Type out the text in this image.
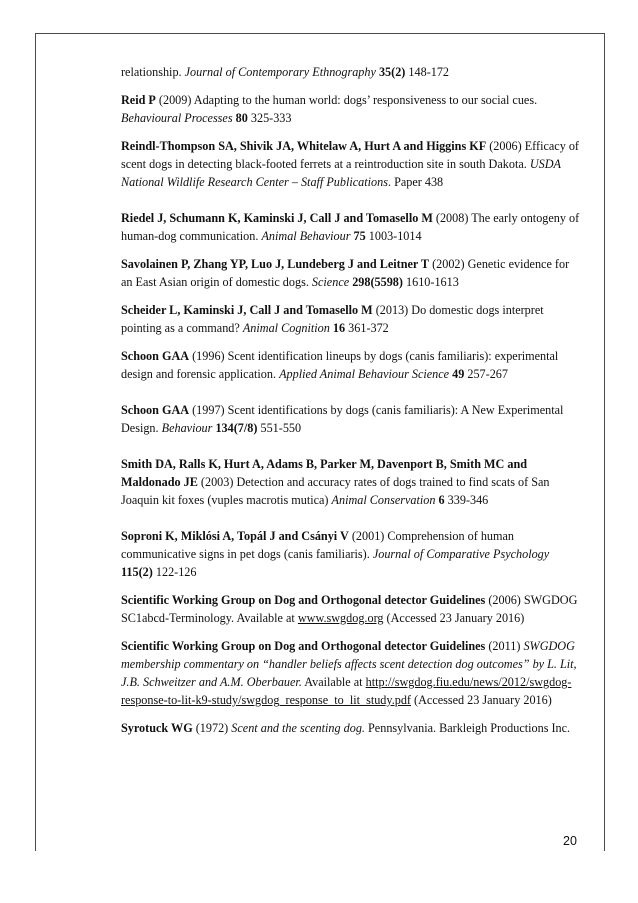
relationship. Journal of Contemporary Ethnography 35(2) 148-172

Reid P (2009) Adapting to the human world: dogs’ responsiveness to our social cues. Behavioural Processes 80 325-333

Reindl-Thompson SA, Shivik JA, Whitelaw A, Hurt A and Higgins KF (2006) Efficacy of scent dogs in detecting black-footed ferrets at a reintroduction site in south Dakota. USDA National Wildlife Research Center – Staff Publications. Paper 438

Riedel J, Schumann K, Kaminski J, Call J and Tomasello M (2008) The early ontogeny of human-dog communication. Animal Behaviour 75 1003-1014

Savolainen P, Zhang YP, Luo J, Lundeberg J and Leitner T (2002) Genetic evidence for an East Asian origin of domestic dogs. Science 298(5598) 1610-1613

Scheider L, Kaminski J, Call J and Tomasello M (2013) Do domestic dogs interpret pointing as a command? Animal Cognition 16 361-372

Schoon GAA (1996) Scent identification lineups by dogs (canis familiaris): experimental design and forensic application. Applied Animal Behaviour Science 49 257-267

Schoon GAA (1997) Scent identifications by dogs (canis familiaris): A New Experimental Design. Behaviour 134(7/8) 551-550

Smith DA, Ralls K, Hurt A, Adams B, Parker M, Davenport B, Smith MC and Maldonado JE (2003) Detection and accuracy rates of dogs trained to find scats of San Joaquin kit foxes (vuples macrotis mutica) Animal Conservation 6 339-346

Soproni K, Miklósi A, Topál J and Csányi V (2001) Comprehension of human communicative signs in pet dogs (canis familiaris). Journal of Comparative Psychology 115(2) 122-126

Scientific Working Group on Dog and Orthogonal detector Guidelines (2006) SWGDOG SC1abcd-Terminology. Available at www.swgdog.org (Accessed 23 January 2016)

Scientific Working Group on Dog and Orthogonal detector Guidelines (2011) SWGDOG membership commentary on “handler beliefs affects scent detection dog outcomes” by L. Lit, J.B. Schweitzer and A.M. Oberbauer. Available at http://swgdog.fiu.edu/news/2012/swgdog-response-to-lit-k9-study/swgdog_response_to_lit_study.pdf (Accessed 23 January 2016)

Syrotuck WG (1972) Scent and the scenting dog. Pennsylvania. Barkleigh Productions Inc.

20
